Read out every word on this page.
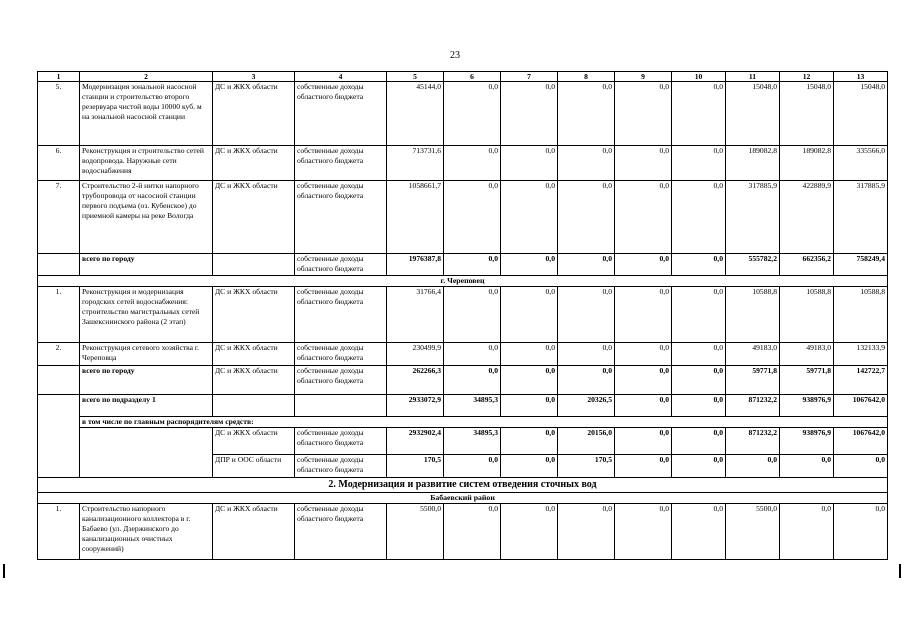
23
1	2	3	4	5	6	7	8	9	10	11	12	13
5.	Модернизация зональной насосной станции и строительство второго резервуара чистой воды 10000 куб. м на зональной насосной станции	ДС и ЖКХ области	собственные доходы областного бюджета	45144,0	0,0	0,0	0,0	0,0	0,0	15048,0	15048,0	15048,0
6.	Реконструкция и строительство сетей водопровода. Наружные сети водоснабжения	ДС и ЖКХ области	собственные доходы областного бюджета	713731,6	0,0	0,0	0,0	0,0	0,0	189082,8	189082,8	335566,0
7.	Строительство 2-й нитки напорного трубопровода от насосной станции первого подъема (оз. Кубенское) до приемной камеры на реке Вологда	ДС и ЖКХ области	собственные доходы областного бюджета	1058661,7	0,0	0,0	0,0	0,0	0,0	317885,9	422889,9	317885,9
	всего по городу		собственные доходы областного бюджета	1976387,8	0,0	0,0	0,0	0,0	0,0	555782,2	662356,2	758249,4
г. Череповец												
1.	Реконструкция и модернизация городских сетей водоснабжения: строительство магистральных сетей Зашекснинского района (2 этап)	ДС и ЖКХ области	собственные доходы областного бюджета	31766,4	0,0	0,0	0,0	0,0	0,0	10588,8	10588,8	10588,8
2.	Реконструкция сетевого хозяйства г. Череповца	ДС и ЖКХ области	собственные доходы областного бюджета	230499,9	0,0	0,0	0,0	0,0	0,0	49183,0	49183,0	132133,9
	всего по городу	ДС и ЖКХ области	собственные доходы областного бюджета	262266,3	0,0	0,0	0,0	0,0	0,0	59771,8	59771,8	142722,7
	всего по подразделу 1			2933072,9	34895,3	0,0	20326,5	0,0	0,0	871232,2	938976,9	1067642,0
	в том числе по главным распорядителям средств:											
		ДС и ЖКХ области	собственные доходы областного бюджета	2932902,4	34895,3	0,0	20156,0	0,0	0,0	871232,2	938976,9	1067642,0
		ДПР и ООС области	собственные доходы областного бюджета	170,5	0,0	0,0	170,5	0,0	0,0	0,0	0,0	0,0
2. Модернизация и развитие систем отведения сточных вод												
Бабаевский район												
1.	Строительство напорного канализационного коллектора в г. Бабаево (ул. Дзержинского до канализационных очистных сооружений)	ДС и ЖКХ области	собственные доходы областного бюджета	5500,0	0,0	0,0	0,0	0,0	0,0	5500,0	0,0	0,0
